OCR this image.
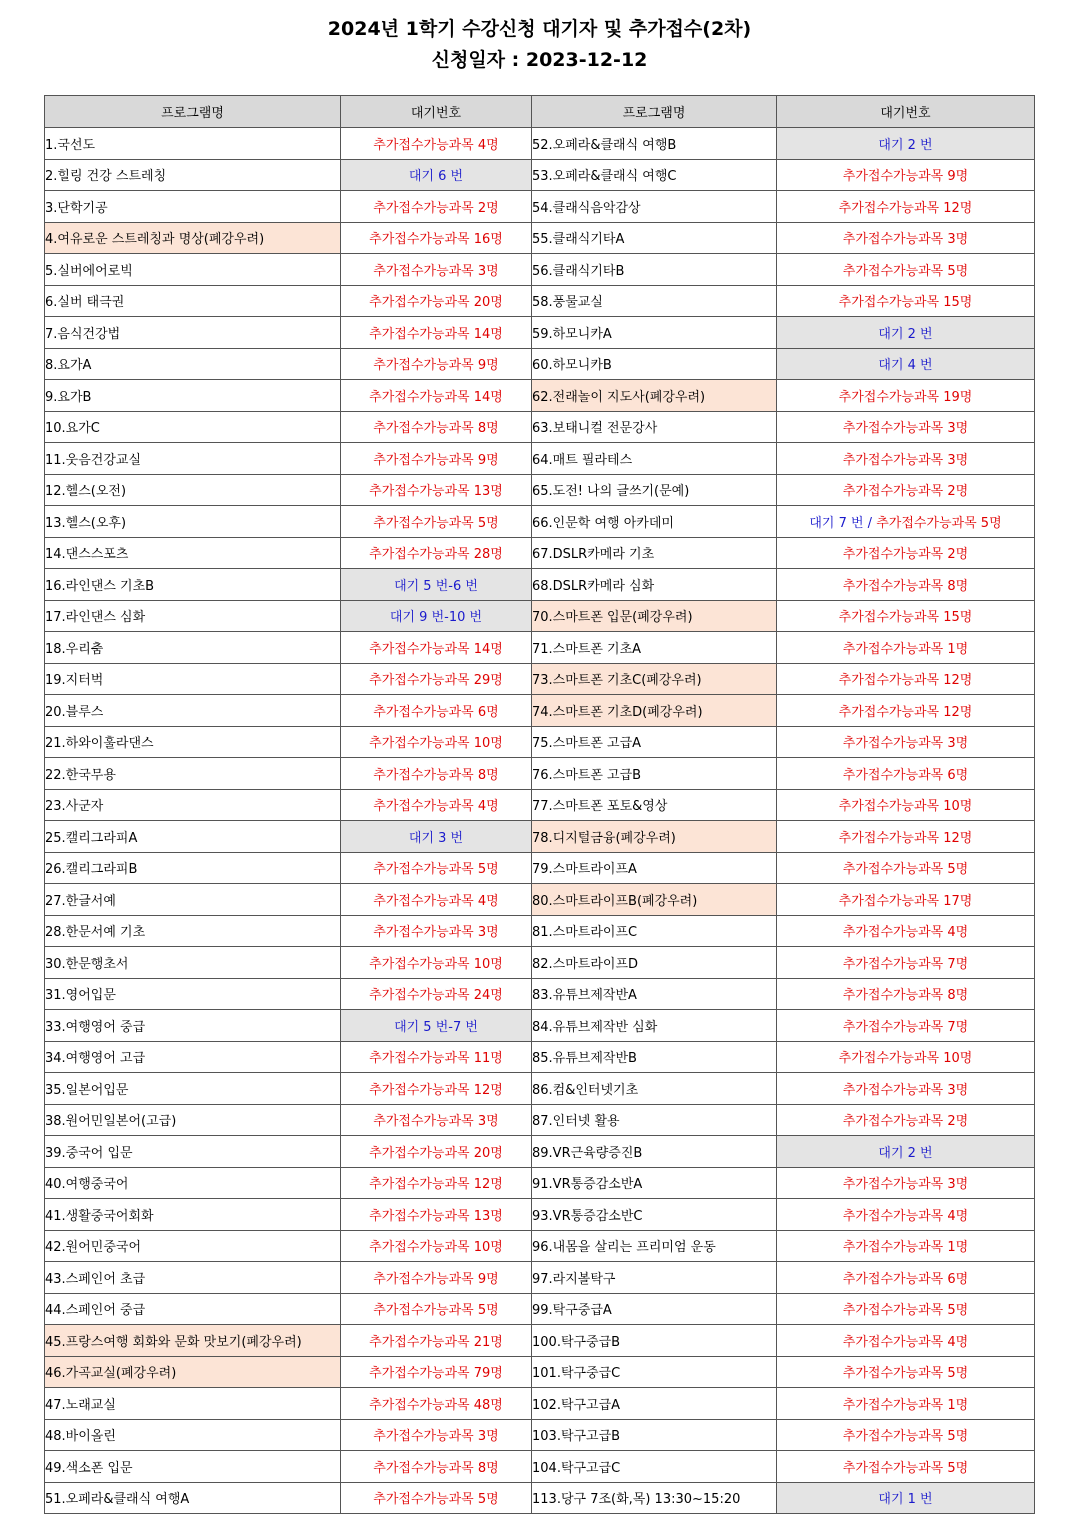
2024년 1학기 수강신청 대기자 및 추가접수(2차)
신청일자 : 2023-12-12
프로그램명	대기번호	프로그램명	대기번호
1.국선도	추가접수가능과목 4명	52.오페라&클래식 여행B	대기 2 번
2.힐링 건강 스트레칭	대기 6 번	53.오페라&클래식 여행C	추가접수가능과목 9명
3.단학기공	추가접수가능과목 2명	54.클래식음악감상	추가접수가능과목 12명
4.여유로운 스트레칭과 명상(폐강우려)	추가접수가능과목 16명	55.클래식기타A	추가접수가능과목 3명
5.실버에어로빅	추가접수가능과목 3명	56.클래식기타B	추가접수가능과목 5명
6.실버 태극권	추가접수가능과목 20명	58.풍물교실	추가접수가능과목 15명
7.음식건강법	추가접수가능과목 14명	59.하모니카A	대기 2 번
8.요가A	추가접수가능과목 9명	60.하모니카B	대기 4 번
9.요가B	추가접수가능과목 14명	62.전래놀이 지도사(폐강우려)	추가접수가능과목 19명
10.요가C	추가접수가능과목 8명	63.보태니컬 전문강사	추가접수가능과목 3명
11.웃음건강교실	추가접수가능과목 9명	64.매트 필라테스	추가접수가능과목 3명
12.헬스(오전)	추가접수가능과목 13명	65.도전! 나의 글쓰기(문예)	추가접수가능과목 2명
13.헬스(오후)	추가접수가능과목 5명	66.인문학 여행 아카데미	대기 7 번 / 추가접수가능과목 5명
14.댄스스포츠	추가접수가능과목 28명	67.DSLR카메라 기초	추가접수가능과목 2명
16.라인댄스 기초B	대기 5 번-6 번	68.DSLR카메라 심화	추가접수가능과목 8명
17.라인댄스 심화	대기 9 번-10 번	70.스마트폰 입문(폐강우려)	추가접수가능과목 15명
18.우리춤	추가접수가능과목 14명	71.스마트폰 기초A	추가접수가능과목 1명
19.지터벅	추가접수가능과목 29명	73.스마트폰 기초C(폐강우려)	추가접수가능과목 12명
20.블루스	추가접수가능과목 6명	74.스마트폰 기초D(폐강우려)	추가접수가능과목 12명
21.하와이훌라댄스	추가접수가능과목 10명	75.스마트폰 고급A	추가접수가능과목 3명
22.한국무용	추가접수가능과목 8명	76.스마트폰 고급B	추가접수가능과목 6명
23.사군자	추가접수가능과목 4명	77.스마트폰 포토&영상	추가접수가능과목 10명
25.캘리그라피A	대기 3 번	78.디지털금융(폐강우려)	추가접수가능과목 12명
26.캘리그라피B	추가접수가능과목 5명	79.스마트라이프A	추가접수가능과목 5명
27.한글서예	추가접수가능과목 4명	80.스마트라이프B(폐강우려)	추가접수가능과목 17명
28.한문서예 기초	추가접수가능과목 3명	81.스마트라이프C	추가접수가능과목 4명
30.한문행초서	추가접수가능과목 10명	82.스마트라이프D	추가접수가능과목 7명
31.영어입문	추가접수가능과목 24명	83.유튜브제작반A	추가접수가능과목 8명
33.여행영어 중급	대기 5 번-7 번	84.유튜브제작반 심화	추가접수가능과목 7명
34.여행영어 고급	추가접수가능과목 11명	85.유튜브제작반B	추가접수가능과목 10명
35.일본어입문	추가접수가능과목 12명	86.컴&인터넷기초	추가접수가능과목 3명
38.원어민일본어(고급)	추가접수가능과목 3명	87.인터넷 활용	추가접수가능과목 2명
39.중국어 입문	추가접수가능과목 20명	89.VR근육량증진B	대기 2 번
40.여행중국어	추가접수가능과목 12명	91.VR통증감소반A	추가접수가능과목 3명
41.생활중국어회화	추가접수가능과목 13명	93.VR통증감소반C	추가접수가능과목 4명
42.원어민중국어	추가접수가능과목 10명	96.내몸을 살리는 프리미엄 운동	추가접수가능과목 1명
43.스페인어 초급	추가접수가능과목 9명	97.라지볼탁구	추가접수가능과목 6명
44.스페인어 중급	추가접수가능과목 5명	99.탁구중급A	추가접수가능과목 5명
45.프랑스여행 회화와 문화 맛보기(폐강우려)	추가접수가능과목 21명	100.탁구중급B	추가접수가능과목 4명
46.가곡교실(폐강우려)	추가접수가능과목 79명	101.탁구중급C	추가접수가능과목 5명
47.노래교실	추가접수가능과목 48명	102.탁구고급A	추가접수가능과목 1명
48.바이올린	추가접수가능과목 3명	103.탁구고급B	추가접수가능과목 5명
49.색소폰 입문	추가접수가능과목 8명	104.탁구고급C	추가접수가능과목 5명
51.오페라&클래식 여행A	추가접수가능과목 5명	113.당구 7조(화,목) 13:30~15:20	대기 1 번
